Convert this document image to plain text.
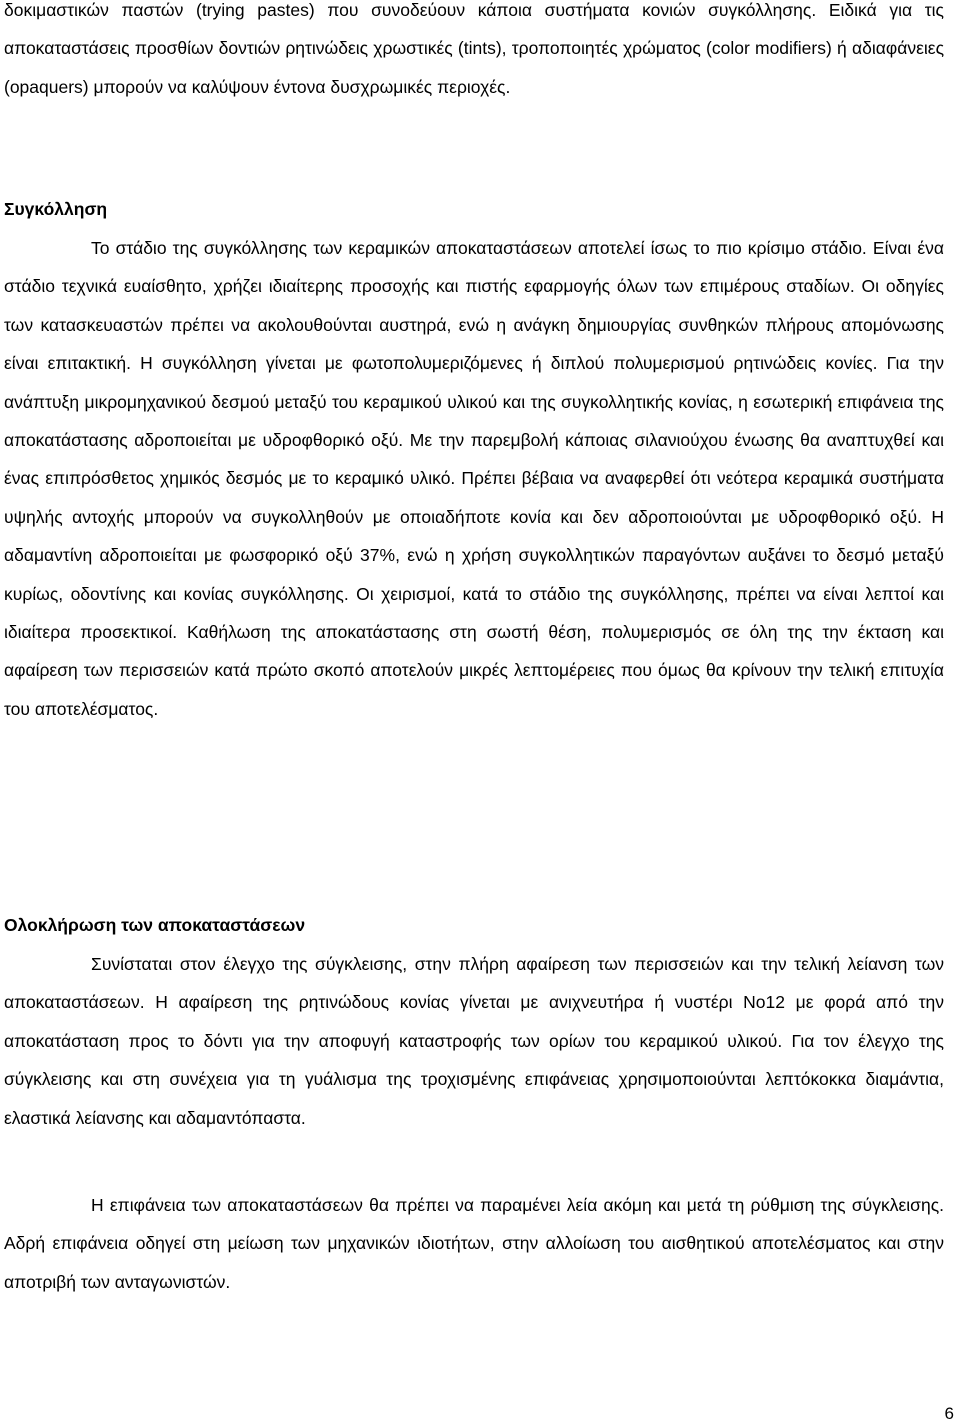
δοκιμαστικών παστών (trying pastes) που συνοδεύουν κάποια συστήματα κονιών συγκόλλησης. Ειδικά για τις αποκαταστάσεις προσθίων δοντιών ρητινώδεις χρωστικές (tints), τροποποιητές χρώματος (color modifiers) ή αδιαφάνειες (opaquers) μπορούν να καλύψουν έντονα δυσχρωμικές περιοχές.

Συγκόλληση

Το στάδιο της συγκόλλησης των κεραμικών αποκαταστάσεων αποτελεί ίσως το πιο κρίσιμο στάδιο. Είναι ένα στάδιο τεχνικά ευαίσθητο, χρήζει ιδιαίτερης προσοχής και πιστής εφαρμογής όλων των επιμέρους σταδίων. Οι οδηγίες των κατασκευαστών πρέπει να ακολουθούνται αυστηρά, ενώ η ανάγκη δημιουργίας συνθηκών πλήρους απομόνωσης είναι επιτακτική. Η συγκόλληση γίνεται με φωτοπολυμεριζόμενες ή διπλού πολυμερισμού ρητινώδεις κονίες. Για την ανάπτυξη μικρομηχανικού δεσμού μεταξύ του κεραμικού υλικού και της συγκολλητικής κονίας, η εσωτερική επιφάνεια της αποκατάστασης αδροποιείται με υδροφθορικό οξύ. Με την παρεμβολή κάποιας σιλανιούχου ένωσης θα αναπτυχθεί και ένας επιπρόσθετος χημικός δεσμός με το κεραμικό υλικό. Πρέπει βέβαια να αναφερθεί ότι νεότερα κεραμικά συστήματα υψηλής αντοχής μπορούν να συγκολληθούν με οποιαδήποτε κονία και δεν αδροποιούνται με υδροφθορικό οξύ. Η αδαμαντίνη αδροποιείται με φωσφορικό οξύ 37%, ενώ η χρήση συγκολλητικών παραγόντων αυξάνει το δεσμό μεταξύ κυρίως, οδοντίνης και κονίας συγκόλλησης. Οι χειρισμοί, κατά το στάδιο της συγκόλλησης, πρέπει να είναι λεπτοί και ιδιαίτερα προσεκτικοί. Καθήλωση της αποκατάστασης στη σωστή θέση, πολυμερισμός σε όλη της την έκταση και αφαίρεση των περισσειών κατά πρώτο σκοπό αποτελούν μικρές λεπτομέρειες που όμως θα κρίνουν την τελική επιτυχία του αποτελέσματος.

Ολοκλήρωση των αποκαταστάσεων

Συνίσταται στον έλεγχο της σύγκλεισης, στην πλήρη αφαίρεση των περισσειών και την τελική λείανση των αποκαταστάσεων. Η αφαίρεση της ρητινώδους κονίας γίνεται με ανιχνευτήρα ή νυστέρι Νο12 με φορά από την αποκατάσταση προς το δόντι για την αποφυγή καταστροφής των ορίων του κεραμικού υλικού. Για τον έλεγχο της σύγκλεισης και στη συνέχεια για τη γυάλισμα της τροχισμένης επιφάνειας χρησιμοποιούνται λεπτόκοκκα διαμάντια, ελαστικά λείανσης και αδαμαντόπαστα.

Η επιφάνεια των αποκαταστάσεων θα πρέπει να παραμένει λεία ακόμη και μετά τη ρύθμιση της σύγκλεισης. Αδρή επιφάνεια οδηγεί στη μείωση των μηχανικών ιδιοτήτων, στην αλλοίωση του αισθητικού αποτελέσματος και στην αποτριβή των ανταγωνιστών.

6
